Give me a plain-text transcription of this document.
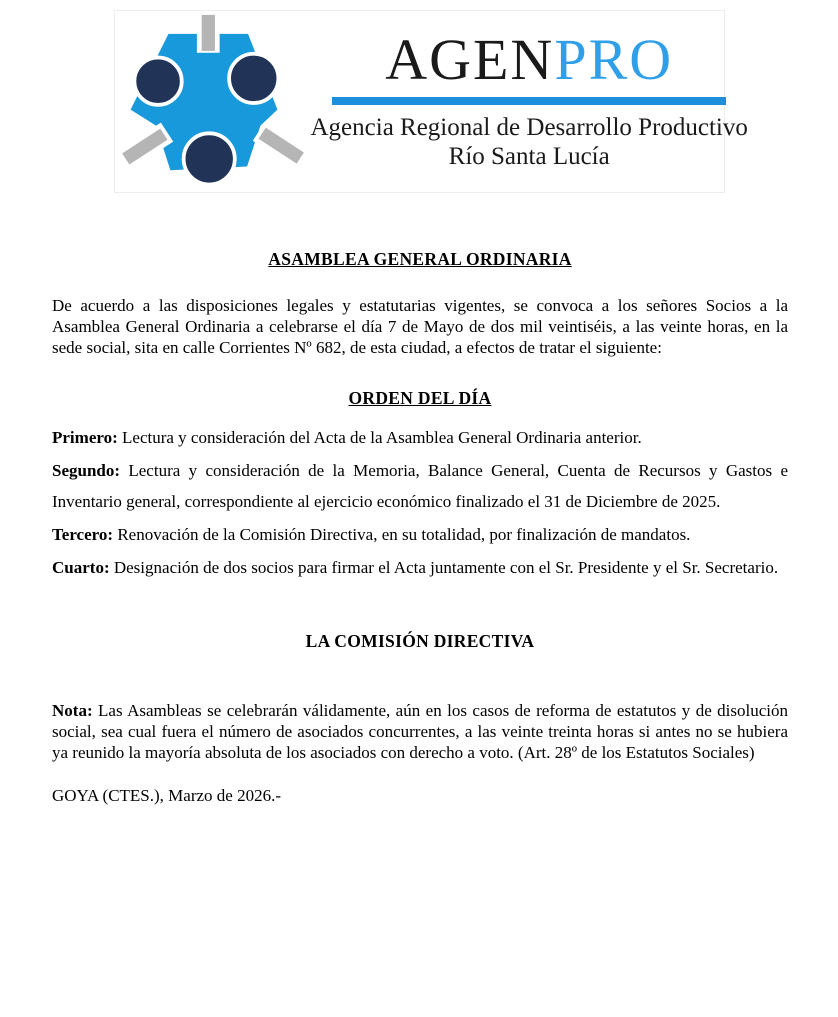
AGENPRO
Agencia Regional de Desarrollo Productivo
Río Santa Lucía
ASAMBLEA GENERAL ORDINARIA

De acuerdo a las disposiciones legales y estatutarias vigentes, se convoca a los señores Socios a la Asamblea General Ordinaria a celebrarse el día 7 de Mayo de dos mil veintiséis, a las veinte horas, en la sede social, sita en calle Corrientes Nº 682, de esta ciudad, a efectos de tratar el siguiente:

ORDEN DEL DÍA

Primero: Lectura y consideración del Acta de la Asamblea General Ordinaria anterior.

Segundo: Lectura y consideración de la Memoria, Balance General, Cuenta de Recursos y Gastos e Inventario general, correspondiente al ejercicio económico finalizado el 31 de Diciembre de 2025.

Tercero: Renovación de la Comisión Directiva, en su totalidad, por finalización de mandatos.

Cuarto: Designación de dos socios para firmar el Acta juntamente con el Sr. Presidente y el Sr. Secretario.

LA COMISIÓN DIRECTIVA

Nota: Las Asambleas se celebrarán válidamente, aún en los casos de reforma de estatutos y de disolución social, sea cual fuera el número de asociados concurrentes, a las veinte treinta horas si antes no se hubiera ya reunido la mayoría absoluta de los asociados con derecho a voto. (Art. 28º de los Estatutos Sociales)

GOYA (CTES.), Marzo de 2026.-
